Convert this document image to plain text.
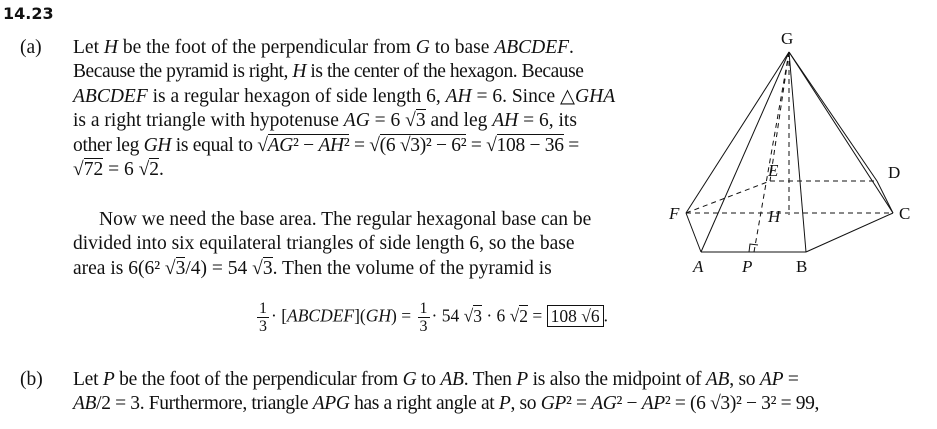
14.23
(a) Let H be the foot of the perpendicular from G to base ABCDEF.
Because the pyramid is right, H is the center of the hexagon. Because
ABCDEF is a regular hexagon of side length 6, AH = 6. Since △GHA
is a right triangle with hypotenuse AG = 6 √3 and leg AH = 6, its
other leg GH is equal to √AG² − AH² = √(6 √3)² − 6² = √108 − 36 =
√72 = 6 √2.
Now we need the base area. The regular hexagonal base can be
divided into six equilateral triangles of side length 6, so the base
area is 6(6² √3/4) = 54 √3. Then the volume of the pyramid is
$\frac{1}{3}$ · [ABCDEF](GH) = $\frac{1}{3} \cdot 54$ √3 · 6 √2 = 108 √6 .
(b) Let P be the foot of the perpendicular from G to AB. Then P is also the midpoint of AB, so AP =
AB/2 = 3. Furthermore, triangle APG has a right angle at P, so GP² = AG² − AP² = (6 √3)² − 3² = 99,
G
D
E
H
F	C
A P	B
